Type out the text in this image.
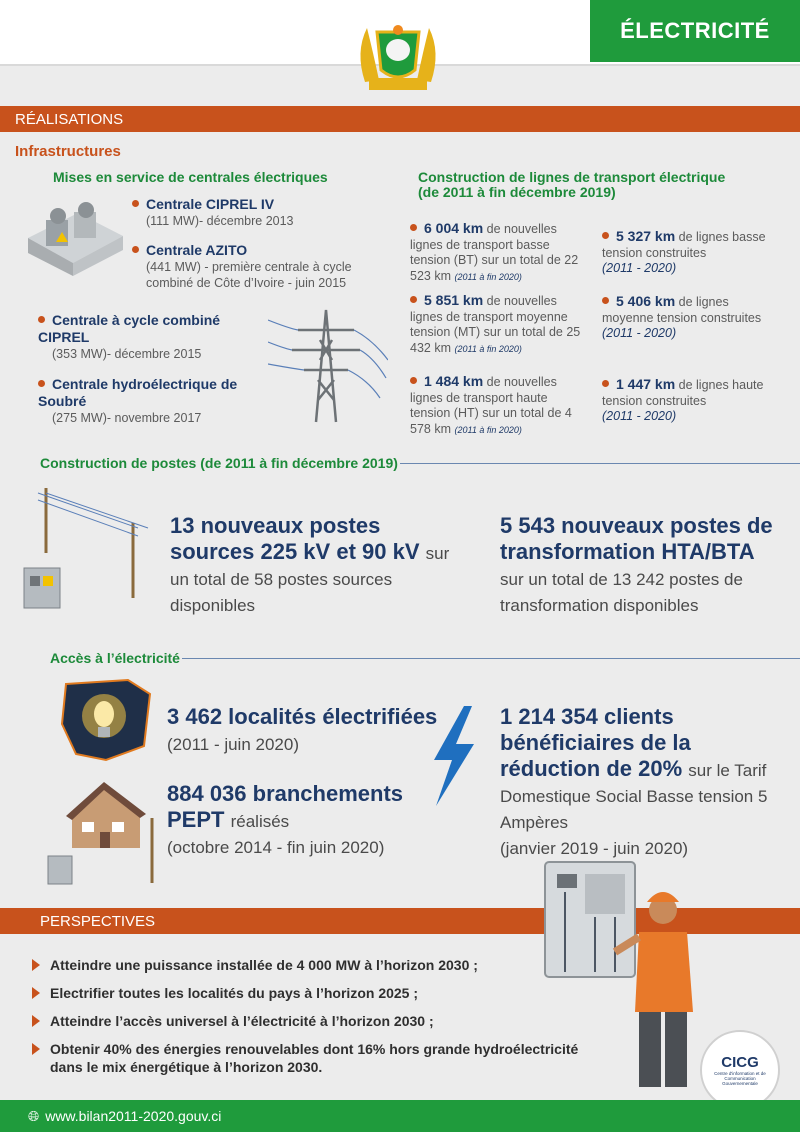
ÉLECTRICITÉ
RÉALISATIONS
Infrastructures
Mises en service de centrales électriques
Centrale CIPREL IV
(111 MW)- décembre 2013
Centrale AZITO
(441 MW) - première centrale à cycle combiné de Côte d’Ivoire - juin 2015
Centrale à cycle combiné CIPREL
(353 MW)- décembre 2015
Centrale hydroélectrique de Soubré
(275 MW)- novembre 2017
Construction de lignes de transport électrique (de 2011 à fin décembre 2019)
6 004 km de nouvelles lignes de transport basse tension (BT) sur un total de 22 523 km (2011 à fin 2020)
5 851 km de nouvelles lignes de transport moyenne tension (MT) sur un total de 25 432 km (2011 à fin 2020)
1 484 km de nouvelles lignes de transport haute tension (HT) sur un total de 4 578 km (2011 à fin 2020)
5 327 km de lignes basse tension construites
(2011 - 2020)
5 406 km de lignes moyenne tension construites
(2011 - 2020)
1 447 km de lignes haute tension construites
(2011 - 2020)
Construction de postes (de 2011 à fin décembre 2019)
13 nouveaux postes sources 225 kV et 90 kV sur un total de 58 postes sources disponibles
5 543 nouveaux postes de transformation HTA/BTA
sur un total de 13 242 postes de transformation disponibles
Accès à l’électricité
3 462 localités électrifiées
(2011 - juin 2020)
884 036 branchements PEPT réalisés
(octobre 2014 - fin juin 2020)
1 214 354 clients bénéficiaires de la réduction de 20% sur le Tarif Domestique Social Basse tension 5 Ampères
(janvier 2019 - juin 2020)
PERSPECTIVES
Atteindre une puissance installée de 4 000 MW à l’horizon 2030 ;
Electrifier toutes les localités du pays à l’horizon 2025 ;
Atteindre l’accès universel à l’électricité à l’horizon 2030 ;
Obtenir 40% des énergies renouvelables dont 16% hors grande hydroélectricité dans le mix énergétique à l’horizon 2030.	CICG
Centre d'information et de Communication Gouvernementale
🌐︎ www.bilan2011-2020.gouv.ci
